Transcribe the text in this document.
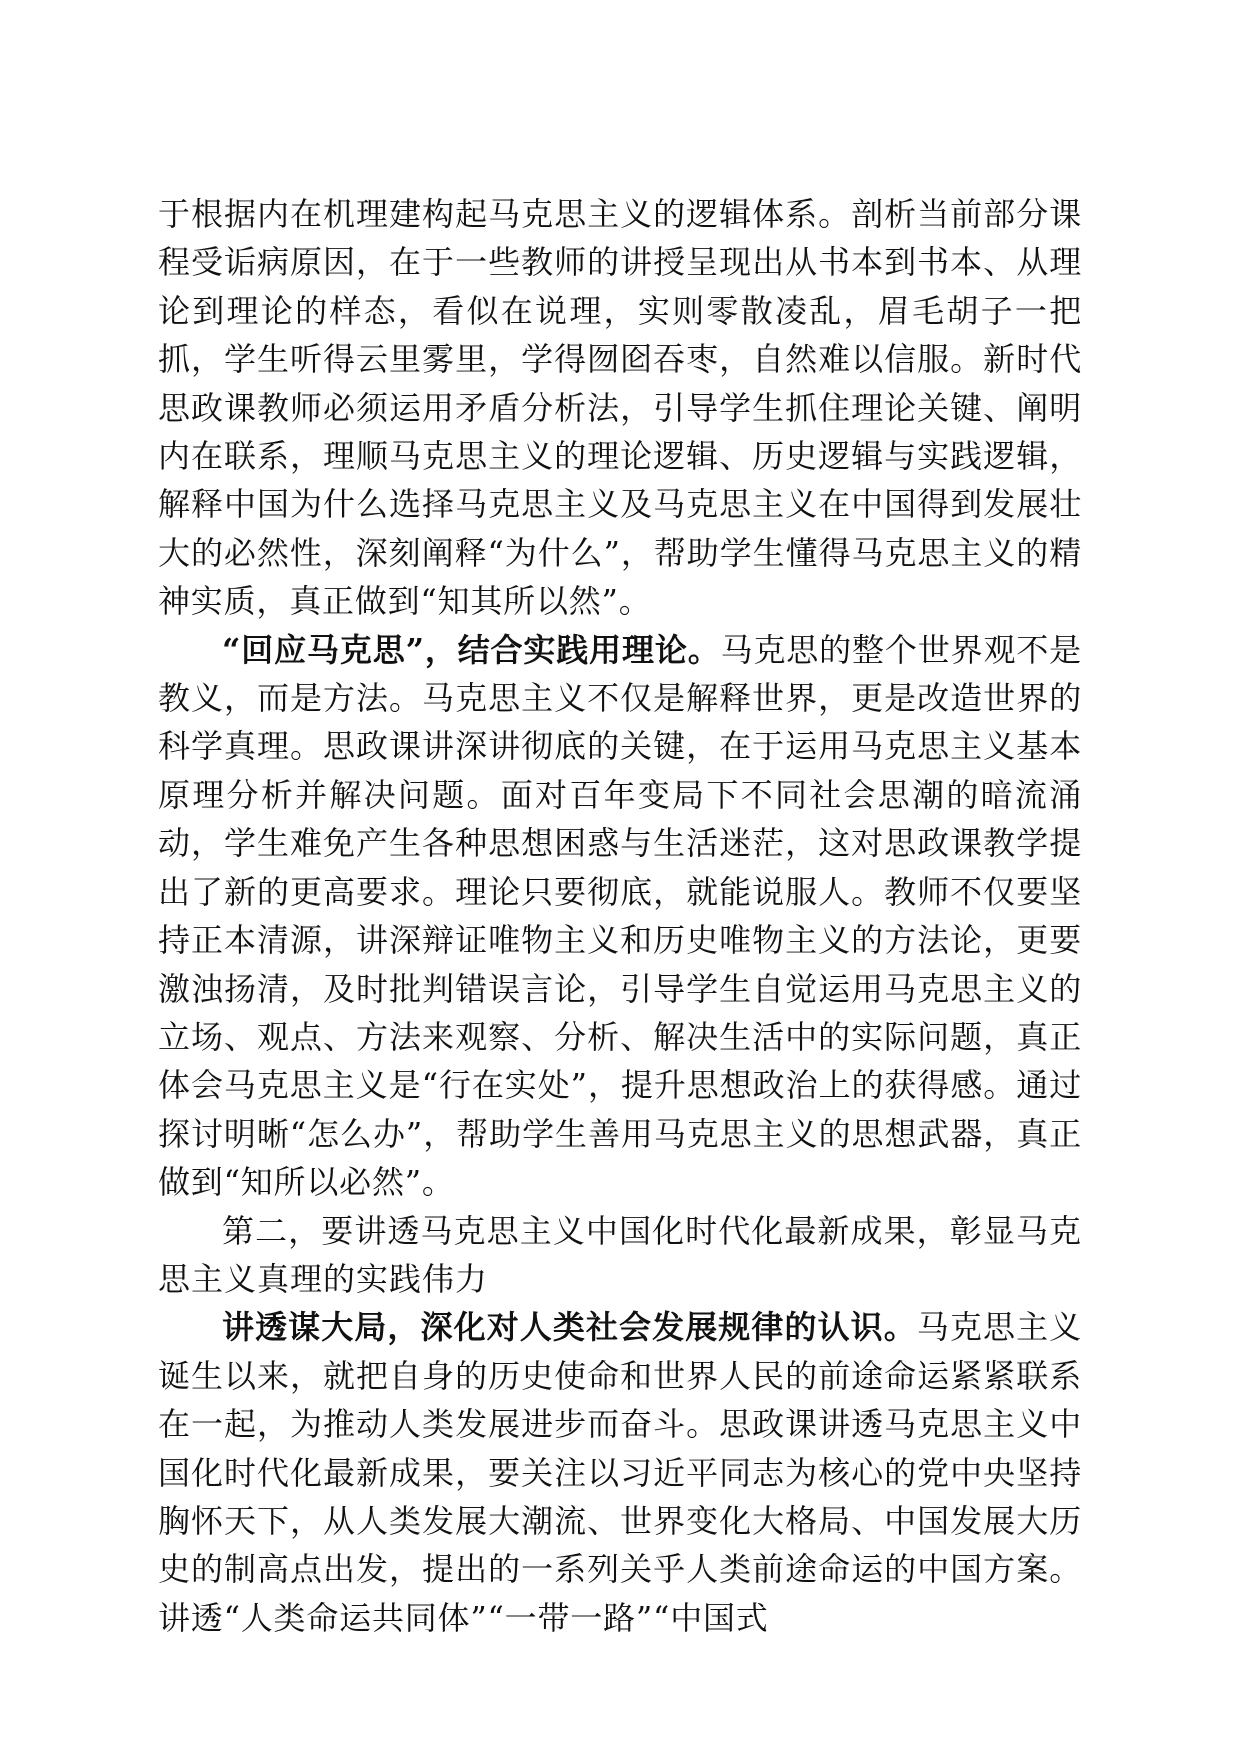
于根据内在机理建构起马克思主义的逻辑体系。剖析当前部分课程受诟病原因，在于一些教师的讲授呈现出从书本到书本、从理论到理论的样态，看似在说理，实则零散凌乱，眉毛胡子一把抓，学生听得云里雾里，学得囫囵吞枣，自然难以信服。新时代思政课教师必须运用矛盾分析法，引导学生抓住理论关键、阐明内在联系，理顺马克思主义的理论逻辑、历史逻辑与实践逻辑，解释中国为什么选择马克思主义及马克思主义在中国得到发展壮大的必然性，深刻阐释“为什么”，帮助学生懂得马克思主义的精神实质，真正做到“知其所以然”。

“回应马克思”，结合实践用理论。马克思的整个世界观不是教义，而是方法。马克思主义不仅是解释世界，更是改造世界的科学真理。思政课讲深讲彻底的关键，在于运用马克思主义基本原理分析并解决问题。面对百年变局下不同社会思潮的暗流涌动，学生难免产生各种思想困惑与生活迷茫，这对思政课教学提出了新的更高要求。理论只要彻底，就能说服人。教师不仅要坚持正本清源，讲深辩证唯物主义和历史唯物主义的方法论，更要激浊扬清，及时批判错误言论，引导学生自觉运用马克思主义的立场、观点、方法来观察、分析、解决生活中的实际问题，真正体会马克思主义是“行在实处”，提升思想政治上的获得感。通过探讨明晰“怎么办”，帮助学生善用马克思主义的思想武器，真正做到“知所以必然”。

第二，要讲透马克思主义中国化时代化最新成果，彰显马克思主义真理的实践伟力

讲透谋大局，深化对人类社会发展规律的认识。马克思主义诞生以来，就把自身的历史使命和世界人民的前途命运紧紧联系在一起，为推动人类发展进步而奋斗。思政课讲透马克思主义中国化时代化最新成果，要关注以习近平同志为核心的党中央坚持胸怀天下，从人类发展大潮流、世界变化大格局、中国发展大历史的制高点出发，提出的一系列关乎人类前途命运的中国方案。讲透“人类命运共同体”“一带一路”“中国式
